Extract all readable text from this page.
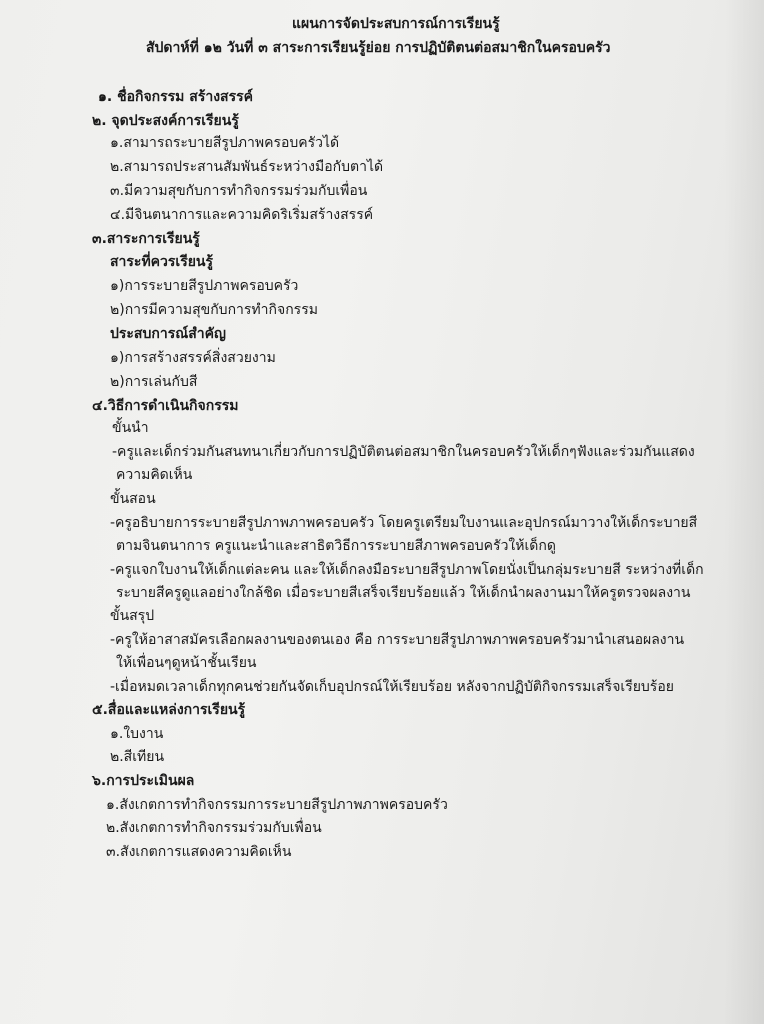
แผนการจัดประสบการณ์การเรียนรู้
สัปดาห์ที่ ๑๒ วันที่ ๓ สาระการเรียนรู้ย่อย การปฏิบัติตนต่อสมาชิกในครอบครัว
๑. ชื่อกิจกรรม สร้างสรรค์
๒. จุดประสงค์การเรียนรู้
๑.สามารถระบายสีรูปภาพครอบครัวได้
๒.สามารถประสานสัมพันธ์ระหว่างมือกับตาได้
๓.มีความสุขกับการทำกิจกรรมร่วมกับเพื่อน
๔.มีจินตนาการและความคิดริเริ่มสร้างสรรค์
๓.สาระการเรียนรู้
สาระที่ควรเรียนรู้
๑)การระบายสีรูปภาพครอบครัว
๒)การมีความสุขกับการทำกิจกรรม
ประสบการณ์สำคัญ
๑)การสร้างสรรค์สิ่งสวยงาม
๒)การเล่นกับสี
๔.วิธีการดำเนินกิจกรรม
ขั้นนำ
-ครูและเด็กร่วมกันสนทนาเกี่ยวกับการปฏิบัติตนต่อสมาชิกในครอบครัวให้เด็กๆฟังและร่วมกันแสดง
ความคิดเห็น
ขั้นสอน
-ครูอธิบายการระบายสีรูปภาพภาพครอบครัว โดยครูเตรียมใบงานและอุปกรณ์มาวางให้เด็กระบายสี
ตามจินตนาการ ครูแนะนำและสาธิตวิธีการระบายสีภาพครอบครัวให้เด็กดู
-ครูแจกใบงานให้เด็กแต่ละคน และให้เด็กลงมือระบายสีรูปภาพโดยนั่งเป็นกลุ่มระบายสี ระหว่างที่เด็ก
ระบายสีครูดูแลอย่างใกล้ชิด เมื่อระบายสีเสร็จเรียบร้อยแล้ว ให้เด็กนำผลงานมาให้ครูตรวจผลงาน
ขั้นสรุป
-ครูให้อาสาสมัครเลือกผลงานของตนเอง คือ การระบายสีรูปภาพภาพครอบครัวมานำเสนอผลงาน
ให้เพื่อนๆดูหน้าชั้นเรียน
-เมื่อหมดเวลาเด็กทุกคนช่วยกันจัดเก็บอุปกรณ์ให้เรียบร้อย หลังจากปฏิบัติกิจกรรมเสร็จเรียบร้อย
๕.สื่อและแหล่งการเรียนรู้
๑.ใบงาน
๒.สีเทียน
๖.การประเมินผล
๑.สังเกตการทำกิจกรรมการระบายสีรูปภาพภาพครอบครัว
๒.สังเกตการทำกิจกรรมร่วมกับเพื่อน
๓.สังเกตการแสดงความคิดเห็น
